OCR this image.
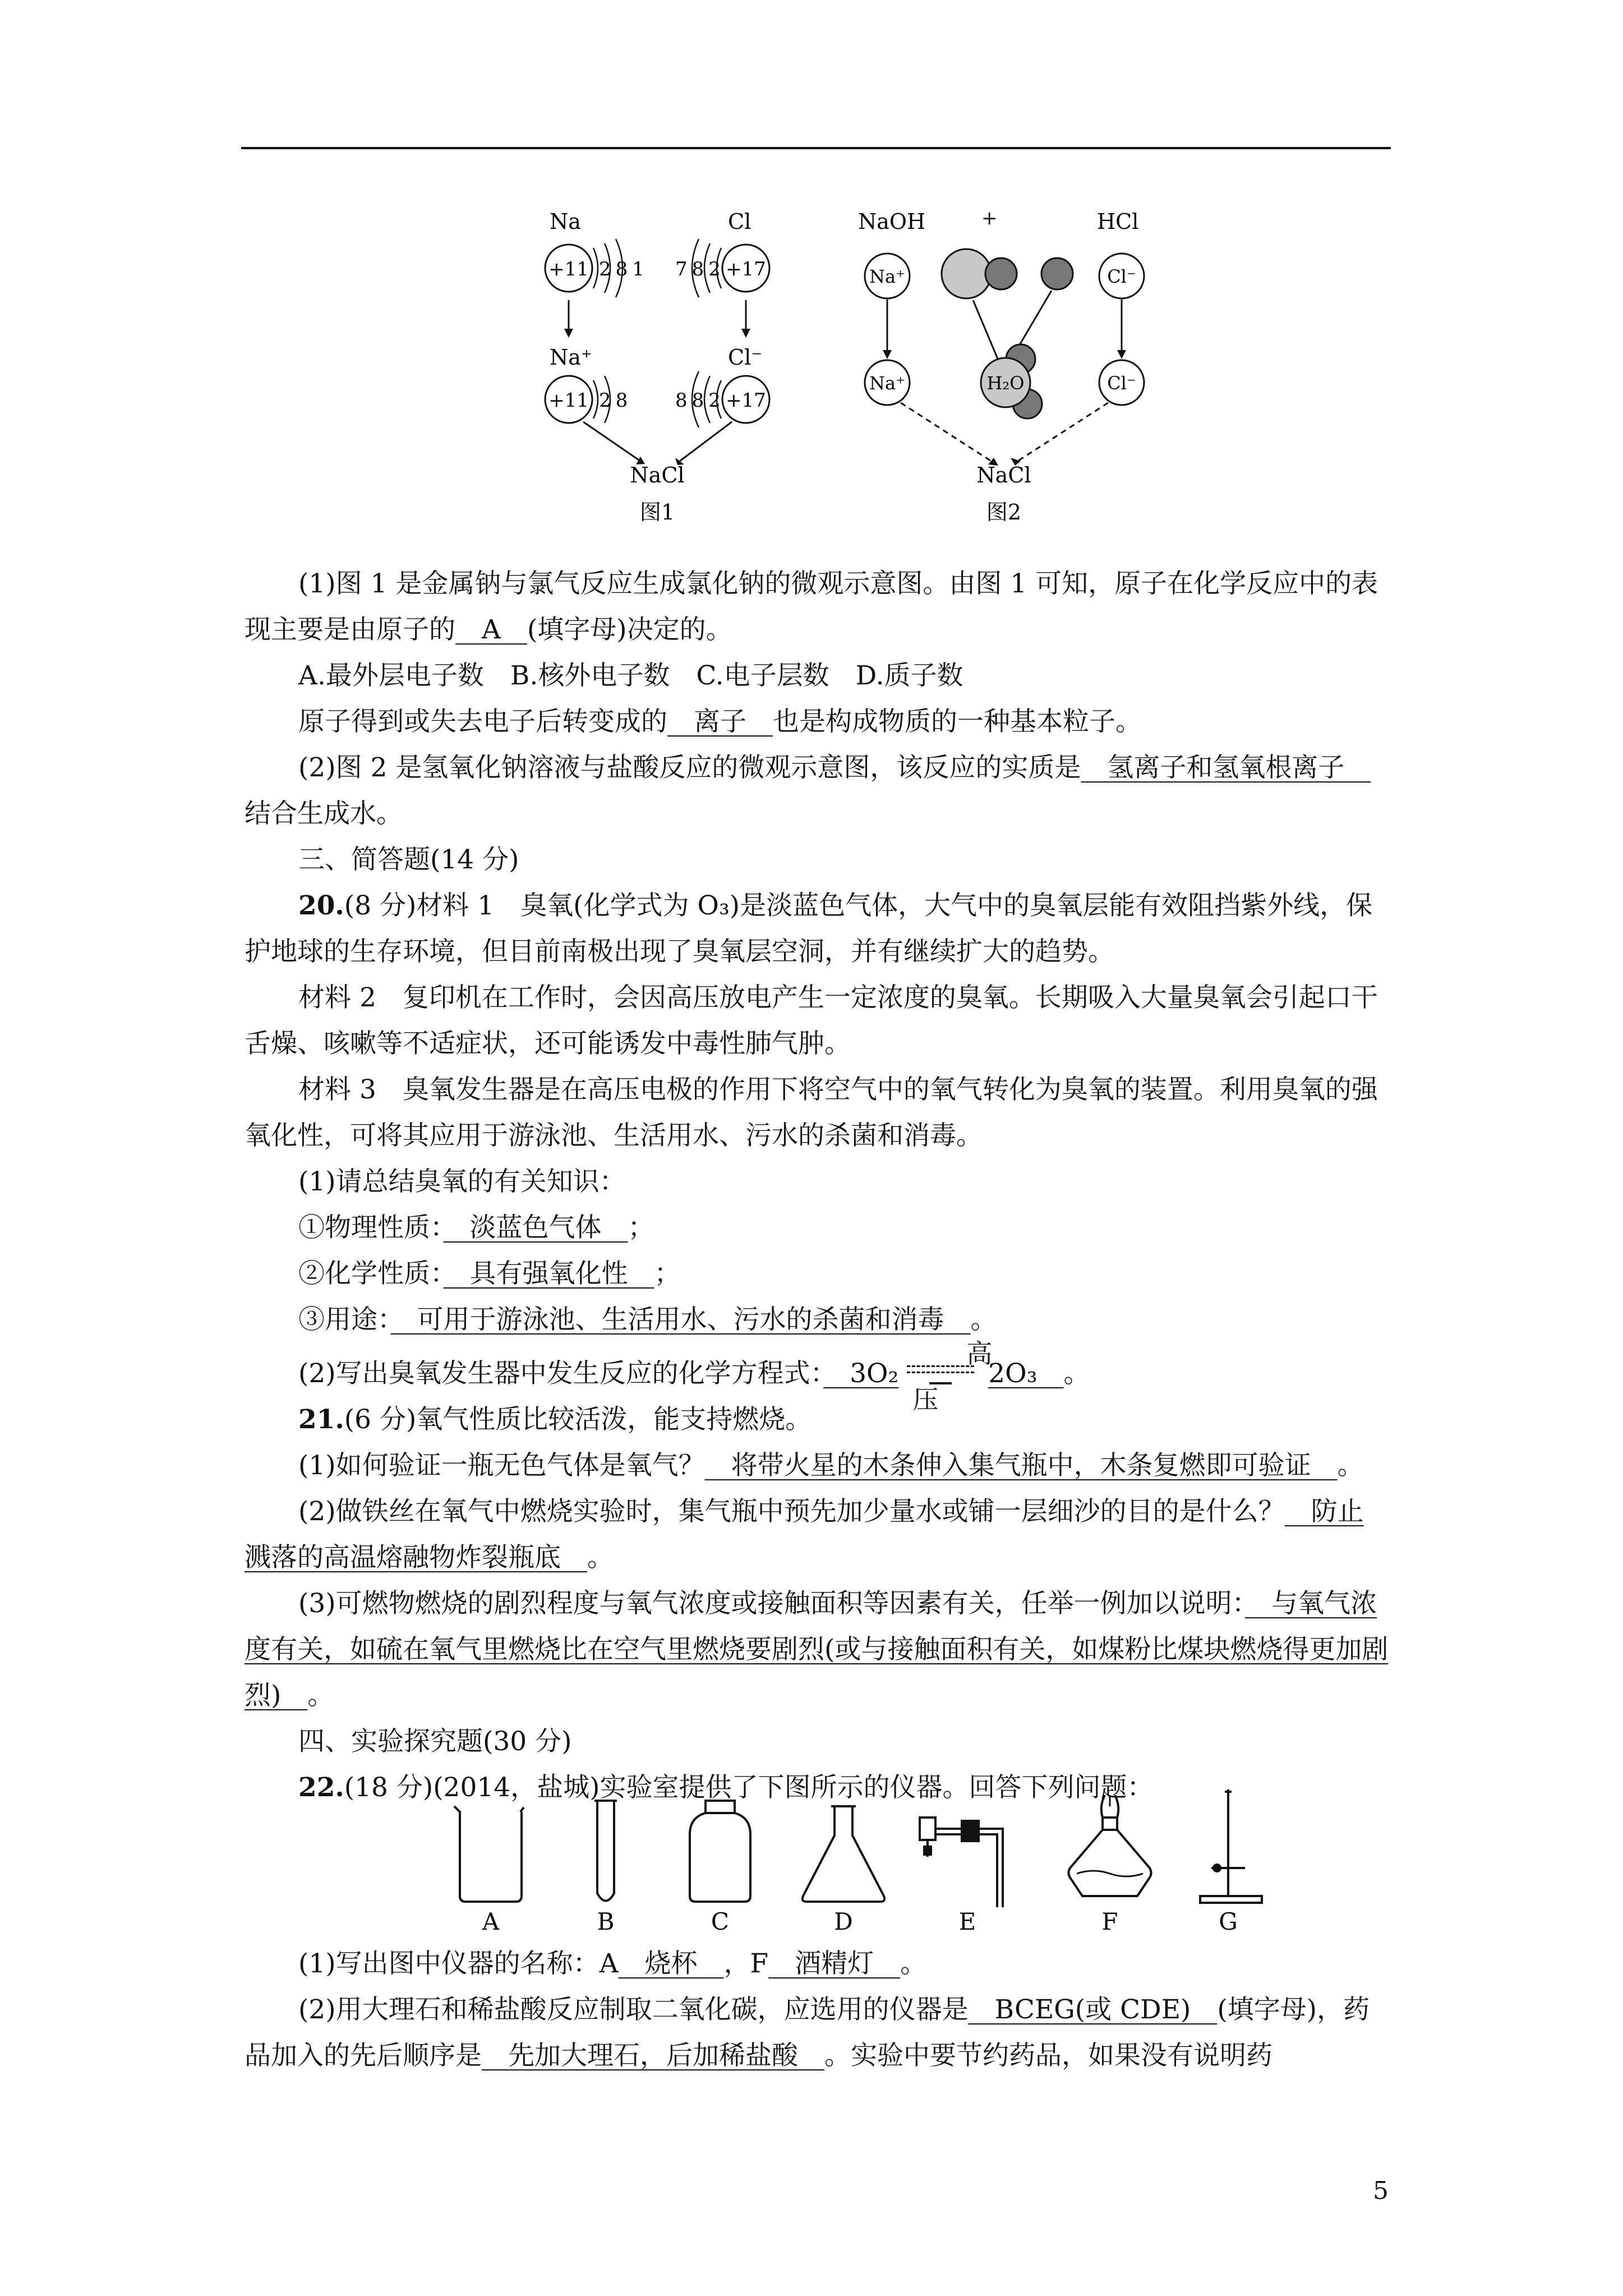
Na
+11 281
Cl
+17
782
Na⁺
+11 28
Cl⁻
+17
882
NaCl
图1
NaOH	+	HCl
Na⁺	Cl⁻
Na⁺	H₂O	Cl⁻
NaCl
图2

(1)图 1 是金属钠与氯气反应生成氯化钠的微观示意图。由图 1 可知，原子在化学反应中的表现主要是由原子的　A　(填字母)决定的。

A.最外层电子数　B.核外电子数　C.电子层数　D.质子数

原子得到或失去电子后转变成的　离子　也是构成物质的一种基本粒子。

(2)图 2 是氢氧化钠溶液与盐酸反应的微观示意图，该反应的实质是　氢离子和氢氧根离子　结合生成水。

三、简答题(14 分)

20.(8 分)材料 1　臭氧(化学式为 O₃)是淡蓝色气体，大气中的臭氧层能有效阻挡紫外线，保护地球的生存环境，但目前南极出现了臭氧层空洞，并有继续扩大的趋势。

材料 2　复印机在工作时，会因高压放电产生一定浓度的臭氧。长期吸入大量臭氧会引起口干舌燥、咳嗽等不适症状，还可能诱发中毒性肺气肿。

材料 3　臭氧发生器是在高压电极的作用下将空气中的氧气转化为臭氧的装置。利用臭氧的强氧化性，可将其应用于游泳池、生活用水、污水的杀菌和消毒。

(1)请总结臭氧的有关知识：

①物理性质：　淡蓝色气体　；

②化学性质：　具有强氧化性　；

③用途：　可用于游泳池、生活用水、污水的杀菌和消毒　。

(2)写出臭氧发生器中发生反应的化学方程式：　3O₂
高压
2O₃　。

21.(6 分)氧气性质比较活泼，能支持燃烧。

(1)如何验证一瓶无色气体是氧气？　将带火星的木条伸入集气瓶中，木条复燃即可验证　。

(2)做铁丝在氧气中燃烧实验时，集气瓶中预先加少量水或铺一层细沙的目的是什么？　防止溅落的高温熔融物炸裂瓶底　。

(3)可燃物燃烧的剧烈程度与氧气浓度或接触面积等因素有关，任举一例加以说明：　与氧气浓度有关，如硫在氧气里燃烧比在空气里燃烧要剧烈(或与接触面积有关，如煤粉比煤块燃烧得更加剧烈)　。

四、实验探究题(30 分)

22.(18 分)(2014，盐城)实验室提供了下图所示的仪器。回答下列问题：

A	B	C	D	E	F	G

(1)写出图中仪器的名称：A　烧杯　，F　酒精灯　。

(2)用大理石和稀盐酸反应制取二氧化碳，应选用的仪器是　BCEG(或 CDE)　(填字母)，药品加入的先后顺序是　先加大理石，后加稀盐酸　。实验中要节约药品，如果没有说明药

5
